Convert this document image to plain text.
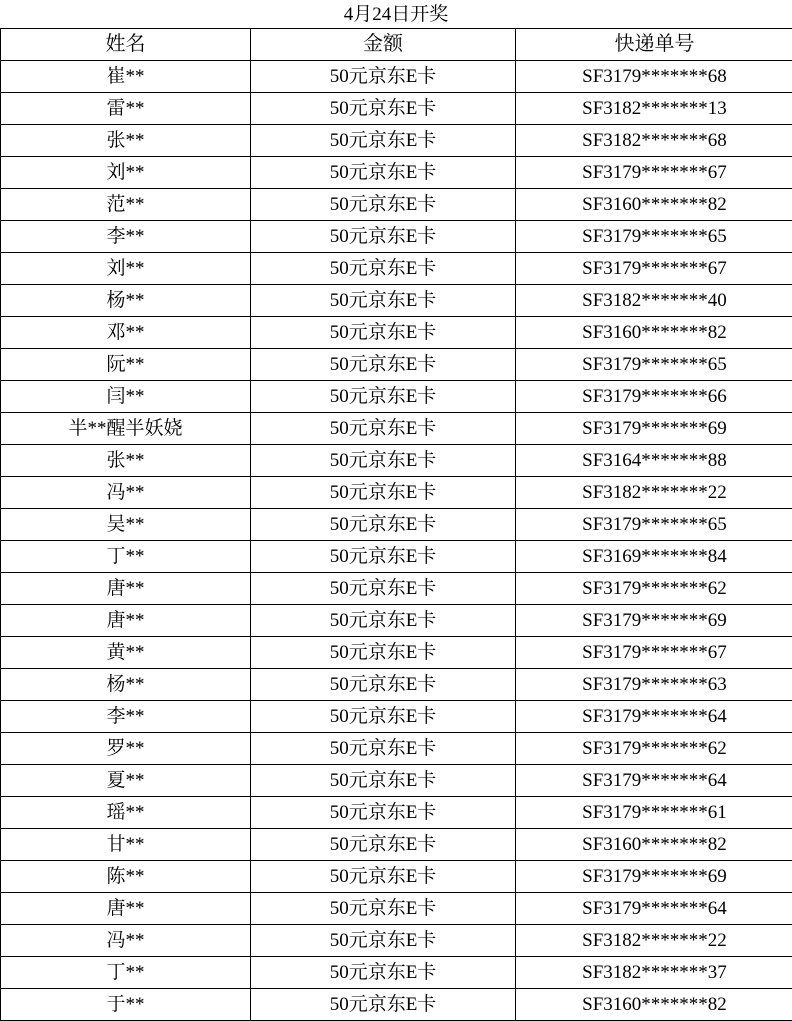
4月24日开奖
姓名	金额	快递单号
崔**	50元京东E卡	SF3179*******68
雷**	50元京东E卡	SF3182*******13
张**	50元京东E卡	SF3182*******68
刘**	50元京东E卡	SF3179*******67
范**	50元京东E卡	SF3160*******82
李**	50元京东E卡	SF3179*******65
刘**	50元京东E卡	SF3179*******67
杨**	50元京东E卡	SF3182*******40
邓**	50元京东E卡	SF3160*******82
阮**	50元京东E卡	SF3179*******65
闫**	50元京东E卡	SF3179*******66
半**醒半妖娆	50元京东E卡	SF3179*******69
张**	50元京东E卡	SF3164*******88
冯**	50元京东E卡	SF3182*******22
吴**	50元京东E卡	SF3179*******65
丁**	50元京东E卡	SF3169*******84
唐**	50元京东E卡	SF3179*******62
唐**	50元京东E卡	SF3179*******69
黄**	50元京东E卡	SF3179*******67
杨**	50元京东E卡	SF3179*******63
李**	50元京东E卡	SF3179*******64
罗**	50元京东E卡	SF3179*******62
夏**	50元京东E卡	SF3179*******64
瑶**	50元京东E卡	SF3179*******61
甘**	50元京东E卡	SF3160*******82
陈**	50元京东E卡	SF3179*******69
唐**	50元京东E卡	SF3179*******64
冯**	50元京东E卡	SF3182*******22
丁**	50元京东E卡	SF3182*******37
于**	50元京东E卡	SF3160*******82
